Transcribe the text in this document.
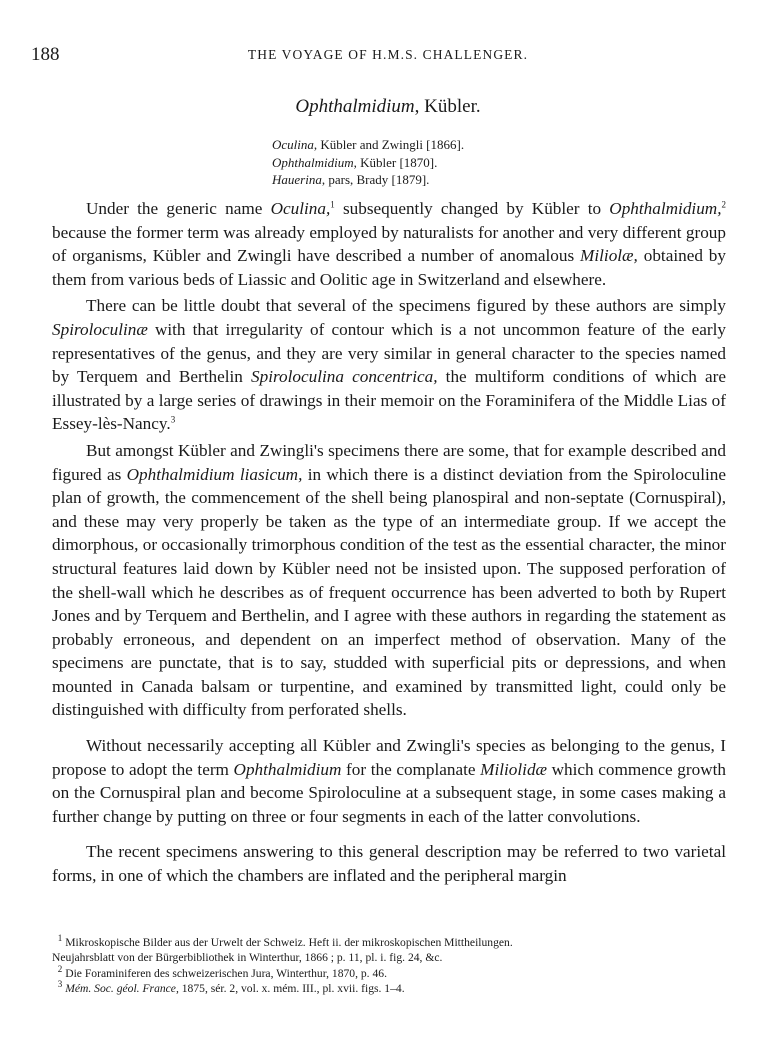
188	THE VOYAGE OF H.M.S. CHALLENGER.
Ophthalmidium, Kübler.
Oculina, Kübler and Zwingli [1866].
Ophthalmidium, Kübler [1870].
Hauerina, pars, Brady [1879].

Under the generic name Oculina,$^1$ subsequently changed by Kübler to Ophthalmidium,$^2$ because the former term was already employed by naturalists for another and very different group of organisms, Kübler and Zwingli have described a number of anomalous Miliolæ, obtained by them from various beds of Liassic and Oolitic age in Switzerland and elsewhere.

There can be little doubt that several of the specimens figured by these authors are simply Spiroloculinæ with that irregularity of contour which is a not uncommon feature of the early representatives of the genus, and they are very similar in general character to the species named by Terquem and Berthelin Spiroloculina concentrica, the multiform conditions of which are illustrated by a large series of drawings in their memoir on the Foraminifera of the Middle Lias of Essey-lès-Nancy.$^3$

But amongst Kübler and Zwingli's specimens there are some, that for example described and figured as Ophthalmidium liasicum, in which there is a distinct deviation from the Spiroloculine plan of growth, the commencement of the shell being planospiral and non-septate (Cornuspiral), and these may very properly be taken as the type of an intermediate group. If we accept the dimorphous, or occasionally trimorphous condition of the test as the essential character, the minor structural features laid down by Kübler need not be insisted upon. The supposed perforation of the shell-wall which he describes as of frequent occurrence has been adverted to both by Rupert Jones and by Terquem and Berthelin, and I agree with these authors in regarding the statement as probably erroneous, and dependent on an imperfect method of observation. Many of the specimens are punctate, that is to say, studded with superficial pits or depressions, and when mounted in Canada balsam or turpentine, and examined by transmitted light, could only be distinguished with difficulty from perforated shells.

Without necessarily accepting all Kübler and Zwingli's species as belonging to the genus, I propose to adopt the term Ophthalmidium for the complanate Miliolidæ which commence growth on the Cornuspiral plan and become Spiroloculine at a subsequent stage, in some cases making a further change by putting on three or four segments in each of the latter convolutions.

The recent specimens answering to this general description may be referred to two varietal forms, in one of which the chambers are inflated and the peripheral margin

$^1$ Mikroskopische Bilder aus der Urwelt der Schweiz. Heft ii. der mikroskopischen Mittheilungen.
Neujahrsblatt von der Bürgerbibliothek in Winterthur, 1866 ; p. 11, pl. i. fig. 24, &c.
$^2$ Die Foraminiferen des schweizerischen Jura, Winterthur, 1870, p. 46.
$^3$ Mém. Soc. géol. France, 1875, sér. 2, vol. x. mém. III., pl. xvii. figs. 1–4.
